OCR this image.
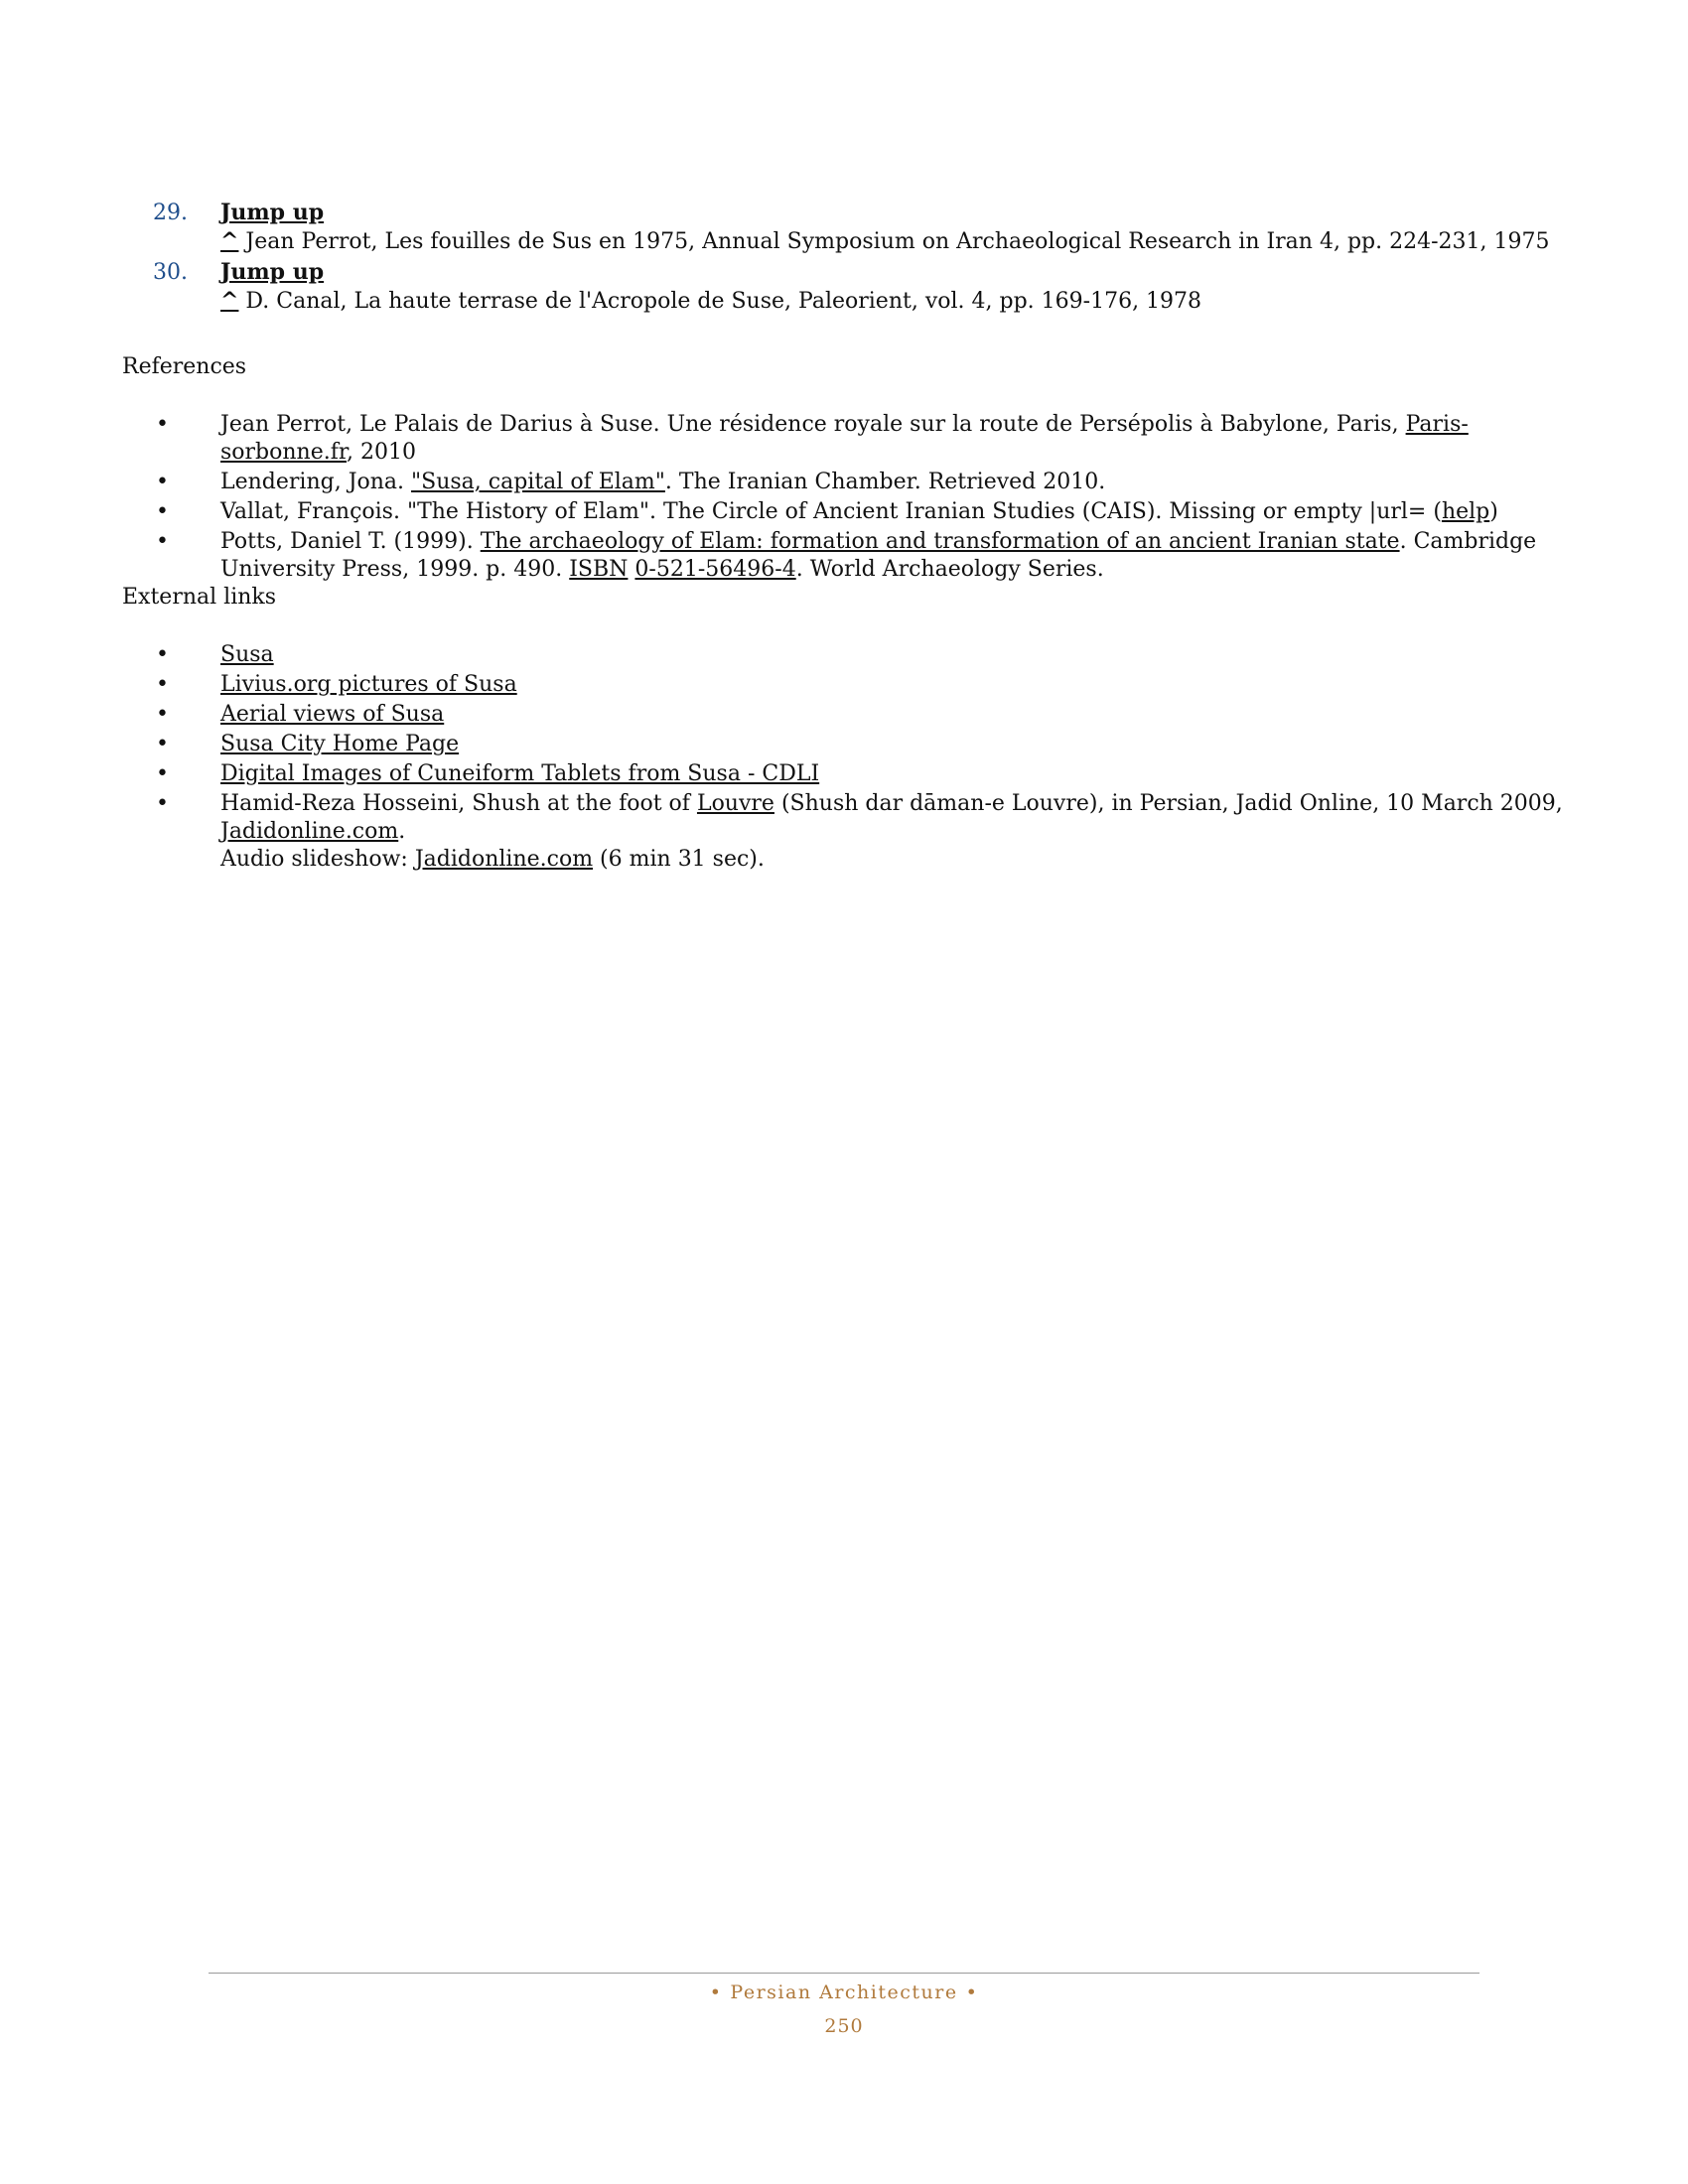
29. Jump up
^ Jean Perrot, Les fouilles de Sus en 1975, Annual Symposium on Archaeological Research in Iran 4, pp. 224-231, 1975
30. Jump up
^ D. Canal, La haute terrase de l'Acropole de Suse, Paleorient, vol. 4, pp. 169-176, 1978
References
• Jean Perrot, Le Palais de Darius à Suse. Une résidence royale sur la route de Persépolis à Babylone, Paris, Paris-sorbonne.fr, 2010
• Lendering, Jona. "Susa, capital of Elam". The Iranian Chamber. Retrieved 2010.
• Vallat, François. "The History of Elam". The Circle of Ancient Iranian Studies (CAIS). Missing or empty |url= (help)
• Potts, Daniel T. (1999). The archaeology of Elam: formation and transformation of an ancient Iranian state. Cambridge University Press, 1999. p. 490. ISBN 0-521-56496-4. World Archaeology Series.
External links
• Susa
• Livius.org pictures of Susa
• Aerial views of Susa
• Susa City Home Page
• Digital Images of Cuneiform Tablets from Susa - CDLI
• Hamid-Reza Hosseini, Shush at the foot of Louvre (Shush dar dāman-e Louvre), in Persian, Jadid Online, 10 March 2009, Jadidonline.com.
Audio slideshow: Jadidonline.com (6 min 31 sec).
• Persian Architecture •
250
